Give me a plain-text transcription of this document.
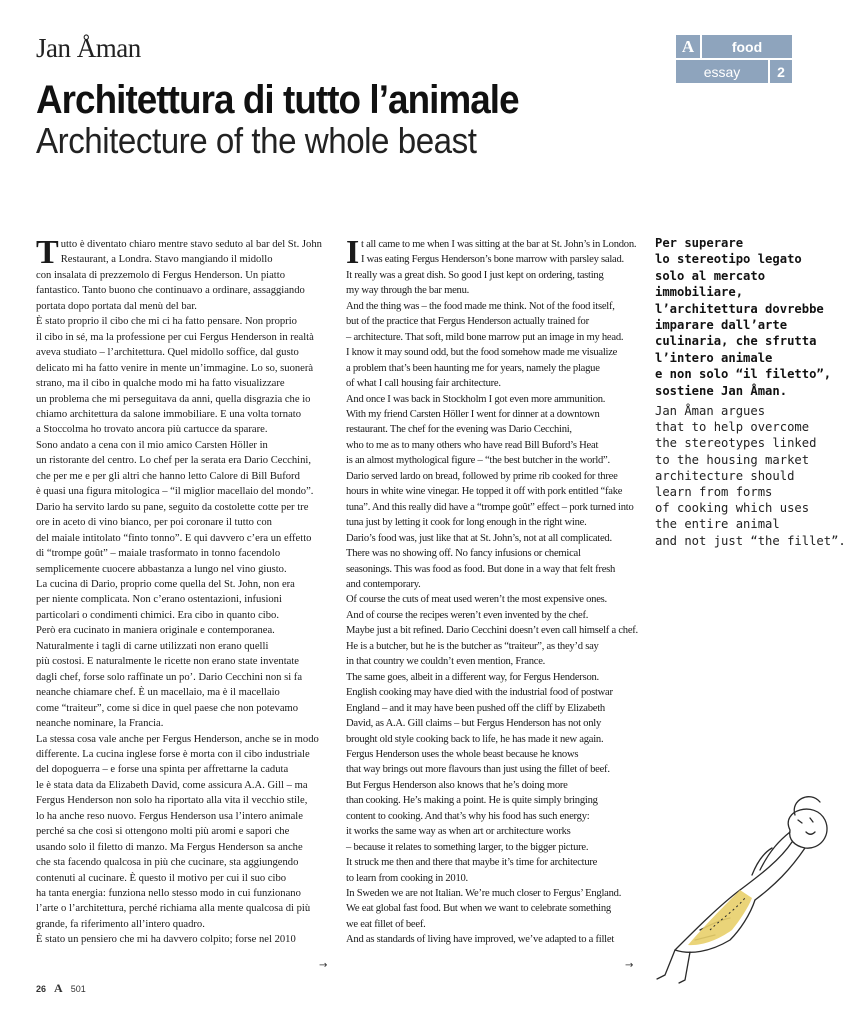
Jan Åman	A	food
essay	2
Architettura di tutto l’animale
Architecture of the whole beast

Tutto è diventato chiaro mentre stavo seduto al bar del St. John

Restaurant, a Londra. Stavo mangiando il midollo

con insalata di prezzemolo di Fergus Henderson. Un piatto

fantastico. Tanto buono che continuavo a ordinare, assaggiando

portata dopo portata dal menù del bar.

È stato proprio il cibo che mi ci ha fatto pensare. Non proprio

il cibo in sé, ma la professione per cui Fergus Henderson in realtà

aveva studiato – l’architettura. Quel midollo soffice, dal gusto

delicato mi ha fatto venire in mente un’immagine. Lo so, suonerà

strano, ma il cibo in qualche modo mi ha fatto visualizzare

un problema che mi perseguitava da anni, quella disgrazia che io

chiamo architettura da salone immobiliare. E una volta tornato

a Stoccolma ho trovato ancora più cartucce da sparare.

Sono andato a cena con il mio amico Carsten Höller in

un ristorante del centro. Lo chef per la serata era Dario Cecchini,

che per me e per gli altri che hanno letto Calore di Bill Buford

è quasi una figura mitologica – “il miglior macellaio del mondo”.

Dario ha servito lardo su pane, seguito da costolette cotte per tre

ore in aceto di vino bianco, per poi coronare il tutto con

del maiale intitolato “finto tonno”. E qui davvero c’era un effetto

di “trompe goût” – maiale trasformato in tonno facendolo

semplicemente cuocere abbastanza a lungo nel vino giusto.

La cucina di Dario, proprio come quella del St. John, non era

per niente complicata. Non c’erano ostentazioni, infusioni

particolari o condimenti chimici. Era cibo in quanto cibo.

Però era cucinato in maniera originale e contemporanea.

Naturalmente i tagli di carne utilizzati non erano quelli

più costosi. E naturalmente le ricette non erano state inventate

dagli chef, forse solo raffinate un po’. Dario Cecchini non si fa

neanche chiamare chef. È un macellaio, ma è il macellaio

come “traiteur”, come si dice in quel paese che non potevamo

neanche nominare, la Francia.

La stessa cosa vale anche per Fergus Henderson, anche se in modo

differente. La cucina inglese forse è morta con il cibo industriale

del dopoguerra – e forse una spinta per affrettarne la caduta

le è stata data da Elizabeth David, come assicura A.A. Gill – ma

Fergus Henderson non solo ha riportato alla vita il vecchio stile,

lo ha anche reso nuovo. Fergus Henderson usa l’intero animale

perché sa che così si ottengono molti più aromi e sapori che

usando solo il filetto di manzo. Ma Fergus Henderson sa anche

che sta facendo qualcosa in più che cucinare, sta aggiungendo

contenuti al cucinare. È questo il motivo per cui il suo cibo

ha tanta energia: funziona nello stesso modo in cui funzionano

l’arte o l’architettura, perché richiama alla mente qualcosa di più

grande, fa riferimento all’intero quadro.

È stato un pensiero che mi ha davvero colpito; forse nel 2010

It all came to me when I was sitting at the bar at St. John’s in London.

I was eating Fergus Henderson’s bone marrow with parsley salad.

It really was a great dish. So good I just kept on ordering, tasting

my way through the bar menu.

And the thing was – the food made me think. Not of the food itself,

but of the practice that Fergus Henderson actually trained for

– architecture. That soft, mild bone marrow put an image in my head.

I know it may sound odd, but the food somehow made me visualize

a problem that’s been haunting me for years, namely the plague

of what I call housing fair architecture.

And once I was back in Stockholm I got even more ammunition.

With my friend Carsten Höller I went for dinner at a downtown

restaurant. The chef for the evening was Dario Cecchini,

who to me as to many others who have read Bill Buford’s Heat

is an almost mythological figure – “the best butcher in the world”.

Dario served lardo on bread, followed by prime rib cooked for three

hours in white wine vinegar. He topped it off with pork entitled “fake

tuna”. And this really did have a “trompe goût” effect – pork turned into

tuna just by letting it cook for long enough in the right wine.

Dario’s food was, just like that at St. John’s, not at all complicated.

There was no showing off. No fancy infusions or chemical

seasonings. This was food as food. But done in a way that felt fresh

and contemporary.

Of course the cuts of meat used weren’t the most expensive ones.

And of course the recipes weren’t even invented by the chef.

Maybe just a bit refined. Dario Cecchini doesn’t even call himself a chef.

He is a butcher, but he is the butcher as “traiteur”, as they’d say

in that country we couldn’t even mention, France.

The same goes, albeit in a different way, for Fergus Henderson.

English cooking may have died with the industrial food of postwar

England – and it may have been pushed off the cliff by Elizabeth

David, as A.A. Gill claims – but Fergus Henderson has not only

brought old style cooking back to life, he has made it new again.

Fergus Henderson uses the whole beast because he knows

that way brings out more flavours than just using the fillet of beef.

But Fergus Henderson also knows that he’s doing more

than cooking. He’s making a point. He is quite simply bringing

content to cooking. And that’s why his food has such energy:

it works the same way as when art or architecture works

– because it relates to something larger, to the bigger picture.

It struck me then and there that maybe it’s time for architecture

to learn from cooking in 2010.

In Sweden we are not Italian. We’re much closer to Fergus’ England.

We eat global fast food. But when we want to celebrate something

we eat fillet of beef.

And as standards of living have improved, we’ve adapted to a fillet

→	→

Per superare

lo stereotipo legato

solo al mercato

immobiliare,

l’architettura dovrebbe

imparare dall’arte

culinaria, che sfrutta

l’intero animale

e non solo “il filetto”,

sostiene Jan Åman.

Jan Åman argues

that to help overcome

the stereotypes linked

to the housing market

architecture should

learn from forms

of cooking which uses

the entire animal

and not just “the fillet”.

26 A 501
